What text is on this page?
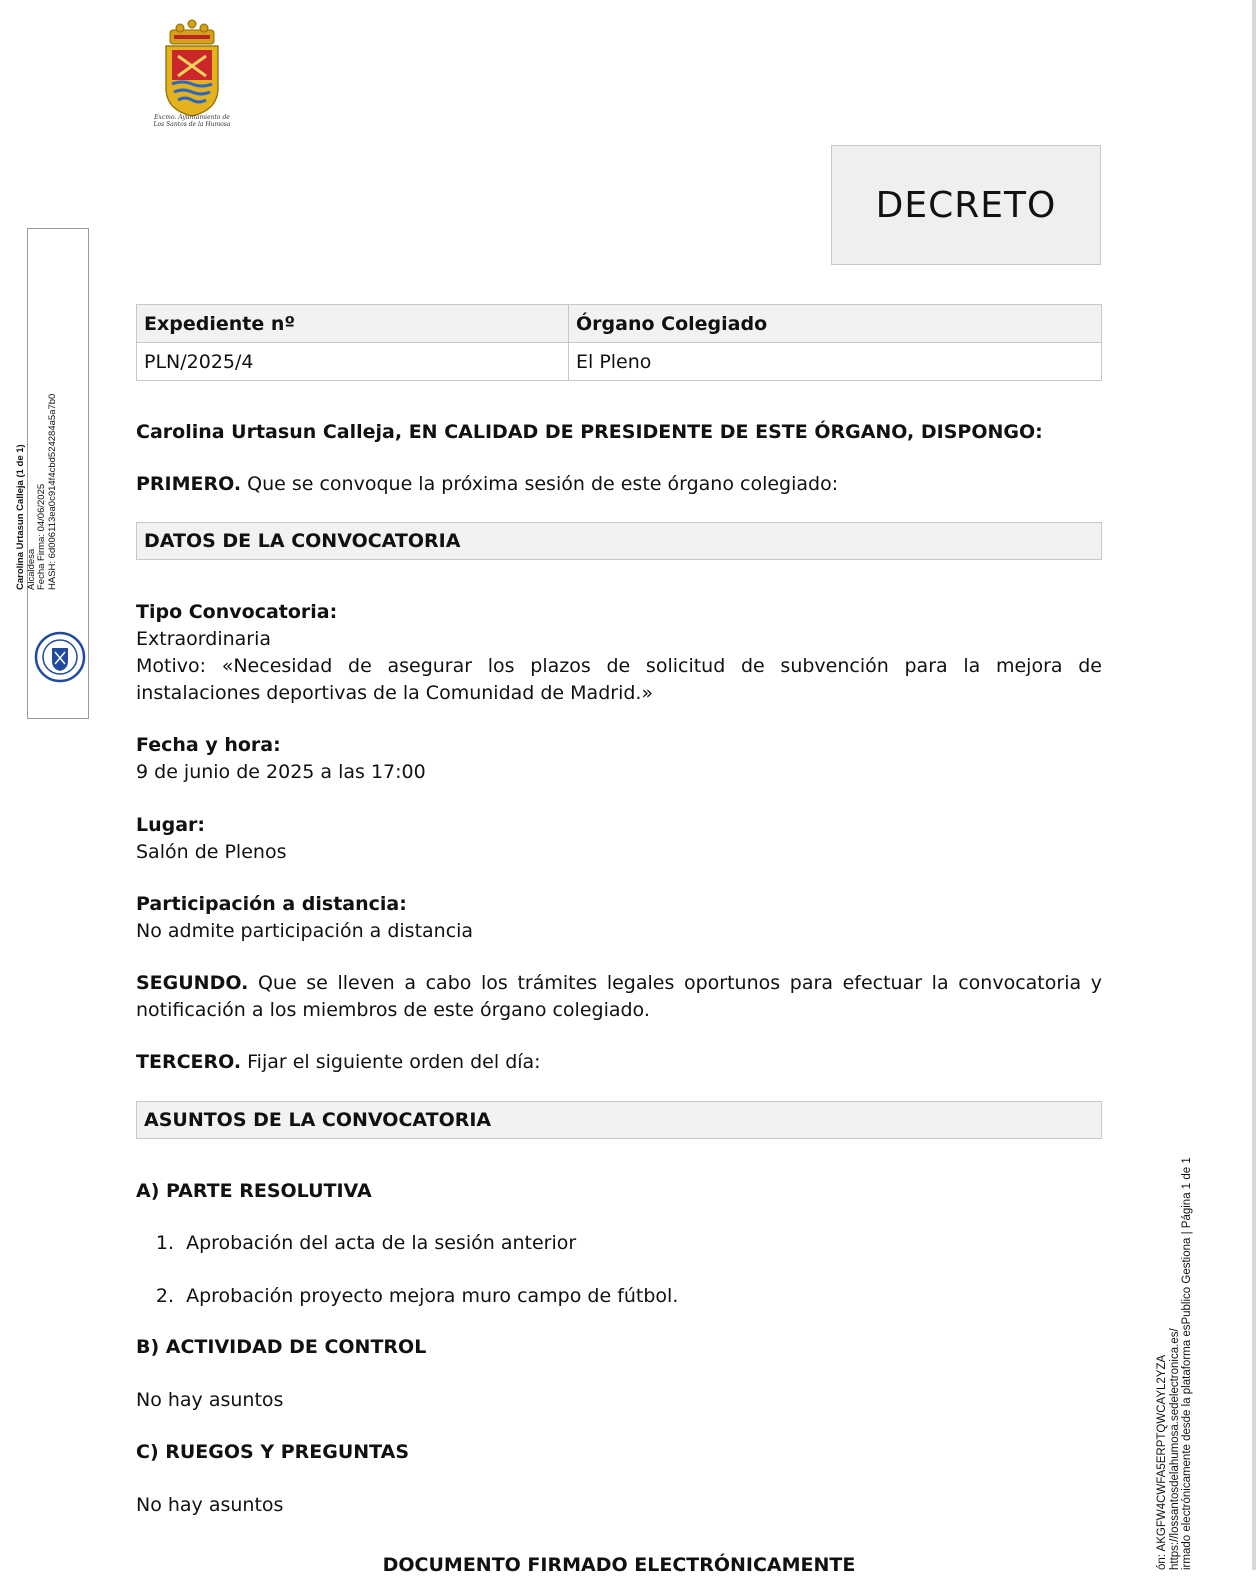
Excmo. Ayuntamiento de
Los Santos de la Humosa
DECRETO
Carolina Urtasun Calleja (1 de 1) Alcaldesa Fecha Firma: 04/06/2025 HASH: 6d006113ea0c914f4cbd524284a5a7b0
ón: AKGFW4CWFA5ERPTQWCAYL2YZA https://lossantosdelahumosa.sedelectronica.es/ irmado electrónicamente desde la plataforma esPublico Gestiona | Página 1 de 1
Expediente nº	Órgano Colegiado
PLN/2025/4	El Pleno
Carolina Urtasun Calleja, EN CALIDAD DE PRESIDENTE DE ESTE ÓRGANO, DISPONGO:
PRIMERO. Que se convoque la próxima sesión de este órgano colegiado:
DATOS DE LA CONVOCATORIA
Tipo Convocatoria:
Extraordinaria
Motivo: «Necesidad de asegurar los plazos de solicitud de subvención para la mejora de instalaciones deportivas de la Comunidad de Madrid.»
Fecha y hora:
9 de junio de 2025 a las 17:00
Lugar:
Salón de Plenos
Participación a distancia:
No admite participación a distancia
SEGUNDO. Que se lleven a cabo los trámites legales oportunos para efectuar la convocatoria y notificación a los miembros de este órgano colegiado.
TERCERO. Fijar el siguiente orden del día:
ASUNTOS DE LA CONVOCATORIA
A) PARTE RESOLUTIVA
1. Aprobación del acta de la sesión anterior
2. Aprobación proyecto mejora muro campo de fútbol.
B) ACTIVIDAD DE CONTROL
No hay asuntos
C) RUEGOS Y PREGUNTAS
No hay asuntos
DOCUMENTO FIRMADO ELECTRÓNICAMENTE
